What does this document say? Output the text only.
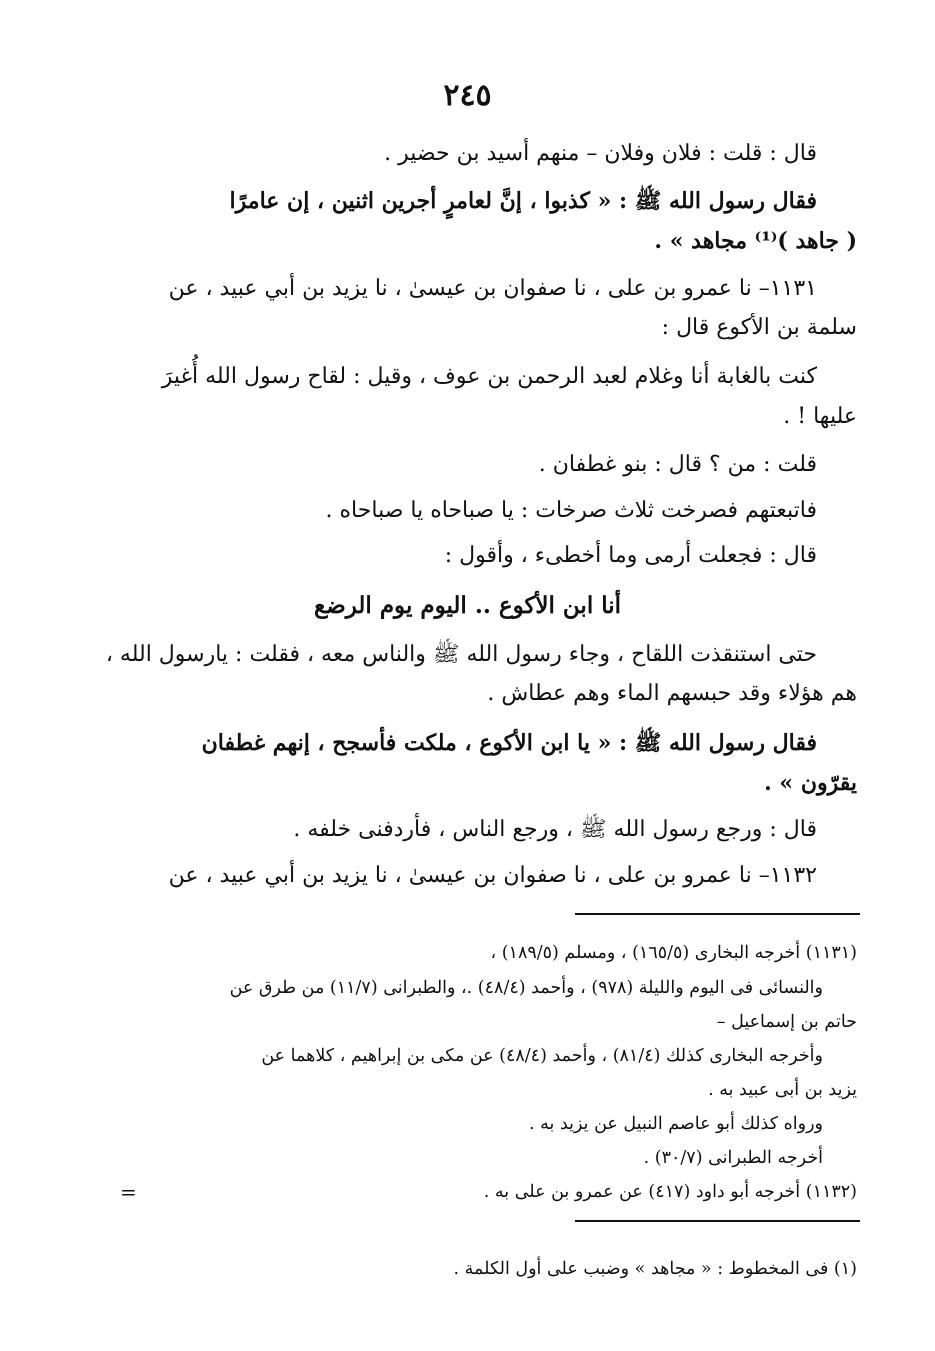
٢٤٥
قال : قلت : فلان وفلان – منهم أسيد بن حضير .
فقال رسول الله ﷺ : « كذبوا ، إنَّ لعامرٍ أجرين اثنين ، إن عامرًا
( جاهد )⁽¹⁾ مجاهد » .
١١٣١– نا عمرو بن على ، نا صفوان بن عيسىٰ ، نا يزيد بن أبي عبيد ، عن
سلمة بن الأكوع قال :
كنت بالغابة أنا وغلام لعبد الرحمن بن عوف ، وقيل : لقاح رسول الله أُغيرَ
عليها ! .
قلت : من ؟ قال : بنو غطفان .
فاتبعتهم فصرخت ثلاث صرخات : يا صباحاه يا صباحاه .
قال : فجعلت أرمى وما أخطىء ، وأقول :
أنا ابن الأكوع .. اليوم يوم الرضع
حتى استنقذت اللقاح ، وجاء رسول الله ﷺ والناس معه ، فقلت : يارسول الله ،
هم هؤلاء وقد حبسهم الماء وهم عطاش .
فقال رسول الله ﷺ : « يا ابن الأكوع ، ملكت فأسجح ، إنهم غطفان
يقرّون » .
قال : ورجع رسول الله ﷺ ، ورجع الناس ، فأردفنى خلفه .
١١٣٢– نا عمرو بن على ، نا صفوان بن عيسىٰ ، نا يزيد بن أبي عبيد ، عن
(١١٣١) أخرجه البخارى (١٦٥/٥) ، ومسلم (١٨٩/٥) ،
والنسائى فى اليوم والليلة (٩٧٨) ، وأحمد (٤٨/٤) .، والطبرانى (١١/٧) من طرق عن
حاتم بن إسماعيل –
وأخرجه البخارى كذلك (٨١/٤) ، وأحمد (٤٨/٤) عن مكى بن إبراهيم ، كلاهما عن
يزيد بن أبى عبيد به .
ورواه كذلك أبو عاصم النبيل عن يزيد به .
أخرجه الطبرانى (٣٠/٧) .
(١١٣٢) أخرجه أبو داود (٤١٧) عن عمرو بن على به .
=
(١) فى المخطوط : « مجاهد » وضبب على أول الكلمة .
